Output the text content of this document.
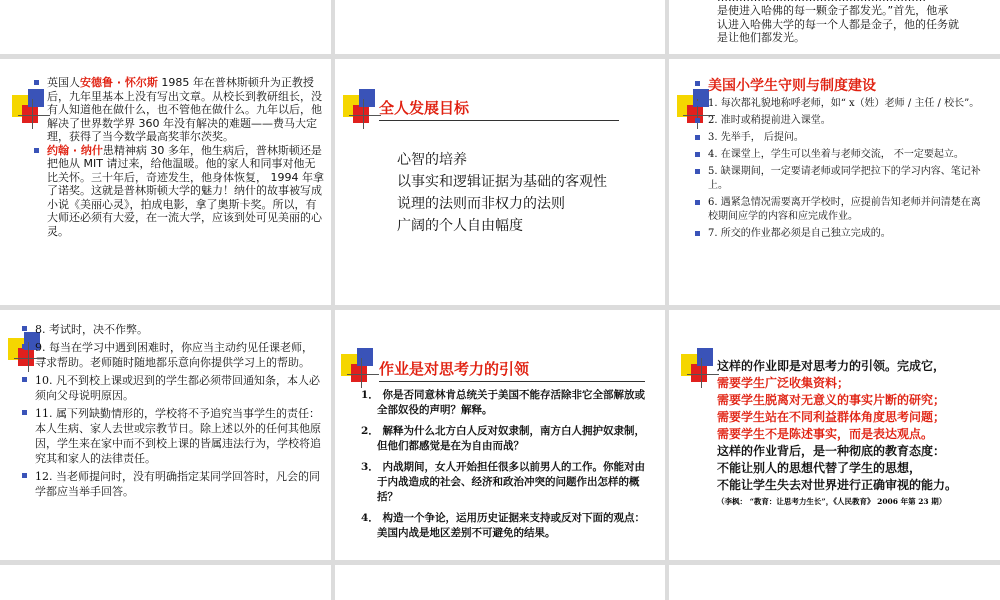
是使进入哈佛的每一颗金子都发光。”首先，他承
认进入哈佛大学的每一个人都是金子，他的任务就
是让他们都发光。
英国人安德鲁 · 怀尔斯 1985 年在普林斯顿升为正教授后，九年里基本上没有写出文章。从校长到教研组长，没有人知道他在做什么，也不管他在做什么。九年以后，他解决了世界数学界 360 年没有解决的难题——费马大定理，获得了当今数学最高奖菲尔茨奖。
约翰 · 纳什患精神病 30 多年，他生病后，普林斯顿还是把他从 MIT 请过来，给他温暖。他的家人和同事对他无比关怀。三十年后，奇迹发生，他身体恢复， 1994 年拿了诺奖。这就是普林斯顿大学的魅力！纳什的故事被写成小说《美丽心灵》，拍成电影，拿了奥斯卡奖。所以，有大师还必须有大爱，在一流大学，应该到处可见美丽的心灵。
全人发展目标
心智的培养
以事实和逻辑证据为基础的客观性
说理的法则而非权力的法则
广阔的个人自由幅度
美国小学生守则与制度建设
1. 每次都礼貌地称呼老师，如“ x（姓）老师 / 主任 / 校长”。
2. 准时或稍提前进入课堂。
3. 先举手， 后提问。
4. 在课堂上，学生可以坐着与老师交流， 不一定要起立。
5. 缺课期间，一定要请老师或同学把拉下的学习内容、笔记补上。
6. 遇紧急情况需要离开学校时，应提前告知老师并问清楚在离校期间应学的内容和应完成作业。
7. 所交的作业都必须是自己独立完成的。
8. 考试时，决不作弊。
9. 每当在学习中遇到困难时，你应当主动约见任课老师，寻求帮助。老师随时随地都乐意向你提供学习上的帮助。
10. 凡不到校上课或迟到的学生都必须带回通知条，本人必须向父母说明原因。
11. 属下列缺勤情形的，学校将不予追究当事学生的责任：本人生病、家人去世或宗教节日。除上述以外的任何其他原因，学生来在家中而不到校上课的皆属违法行为，学校将追究其和家人的法律责任。
12. 当老师提问时，没有明确指定某同学回答时，凡会的同学都应当举手回答。
作业是对思考力的引领
1． 你是否同意林肯总统关于美国不能存活除非它全部解放或全部奴役的声明？解释。
2． 解释为什么北方白人反对奴隶制，南方白人拥护奴隶制，但他们都感觉是在为自由而战？
3． 内战期间，女人开始担任很多以前男人的工作。你能对由于内战造成的社会、经济和政治冲突的问题作出怎样的概括？
4． 构造一个争论，运用历史证据来支持或反对下面的观点：美国内战是地区差别不可避免的结果。
这样的作业即是对思考力的引领。完成它，
需要学生广泛收集资料；
需要学生脱离对无意义的事实片断的研究；
需要学生站在不同利益群体角度思考问题；
需要学生不是陈述事实，而是表达观点。
这样的作业背后，是一种彻底的教育态度：
不能让别人的思想代替了学生的思想，
不能让学生失去对世界进行正确审视的能力。
（李枫： “教育：让思考力生长”，《人民教育》 2006 年第 23 期）
